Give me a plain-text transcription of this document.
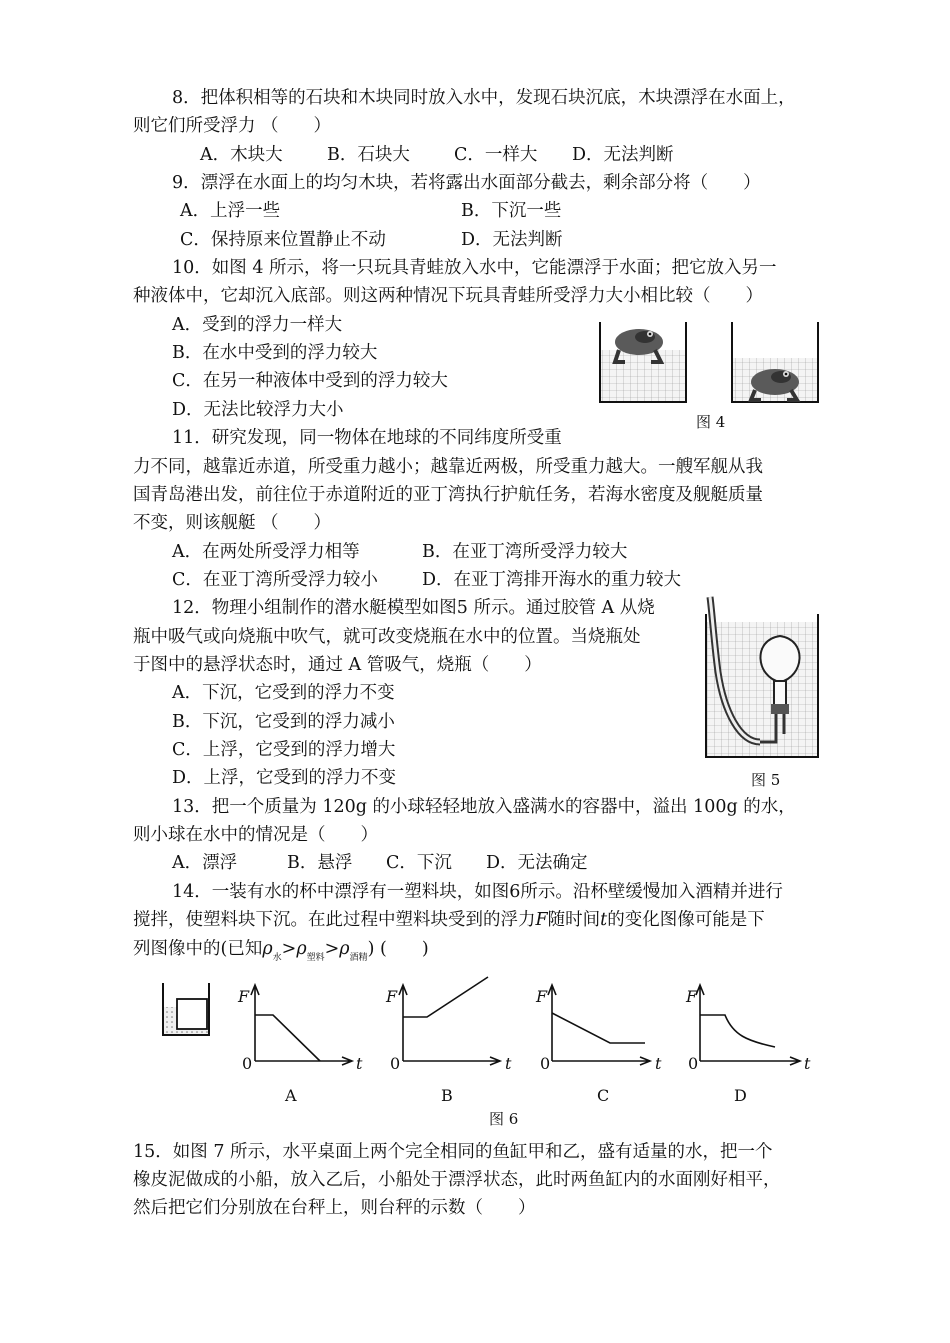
8．把体积相等的石块和木块同时放入水中，发现石块沉底，木块漂浮在水面上，
则它们所受浮力 （　　）
A．木块大	B．石块大	C．一样大 D．无法判断
9．漂浮在水面上的均匀木块，若将露出水面部分截去，剩余部分将（　　）
A．上浮一些	B．下沉一些
C．保持原来位置静止不动	D．无法判断
10．如图 4 所示，将一只玩具青蛙放入水中，它能漂浮于水面；把它放入另一
种液体中，它却沉入底部。则这两种情况下玩具青蛙所受浮力大小相比较（　　）
A．受到的浮力一样大
B．在水中受到的浮力较大
C．在另一种液体中受到的浮力较大
D．无法比较浮力大小
图 4
11．研究发现，同一物体在地球的不同纬度所受重
力不同，越靠近赤道，所受重力越小；越靠近两极，所受重力越大。一艘军舰从我
国青岛港出发，前往位于赤道附近的亚丁湾执行护航任务，若海水密度及舰艇质量
不变，则该舰艇 （　　）
A．在两处所受浮力相等	B．在亚丁湾所受浮力较大
C．在亚丁湾所受浮力较小	D．在亚丁湾排开海水的重力较大
12．物理小组制作的潜水艇模型如图5 所示。通过胶管 A 从烧
瓶中吸气或向烧瓶中吹气，就可改变烧瓶在水中的位置。当烧瓶处
于图中的悬浮状态时，通过 A 管吸气，烧瓶（　　）
A．下沉，它受到的浮力不变
B．下沉，它受到的浮力减小
C．上浮，它受到的浮力增大
D．上浮，它受到的浮力不变	图 5
13．把一个质量为 120g 的小球轻轻地放入盛满水的容器中，溢出 100g 的水，
则小球在水中的情况是（　　）
A．漂浮	B．悬浮 C．下沉 D．无法确定
14．一装有水的杯中漂浮有一塑料块，如图6所示。沿杯壁缓慢加入酒精并进行
搅拌，使塑料块下沉。在此过程中塑料块受到的浮力F随时间t的变化图像可能是下
列图像中的(已知$\rho_水>\rho_{塑料}>\rho_{酒精}$) (　　)
F
0	t
A
F
0	t
B
F
0	t
C
F
0	t
D
图 6
15．如图 7 所示，水平桌面上两个完全相同的鱼缸甲和乙，盛有适量的水，把一个
橡皮泥做成的小船，放入乙后，小船处于漂浮状态，此时两鱼缸内的水面刚好相平，
然后把它们分别放在台秤上，则台秤的示数（　　）
